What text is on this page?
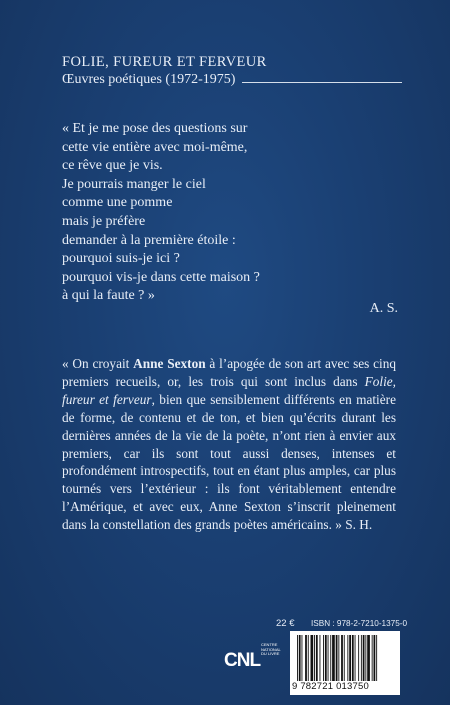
FOLIE, FUREUR ET FERVEUR
Œuvres poétiques (1972-1975)
« Et je me pose des questions sur
cette vie entière avec moi-même,
ce rêve que je vis.
Je pourrais manger le ciel
comme une pomme
mais je préfère
demander à la première étoile :
pourquoi suis-je ici ?
pourquoi vis-je dans cette maison ?
à qui la faute ? »
A. S.
« On croyait Anne Sexton à l’apogée de son art avec ses cinq premiers recueils, or, les trois qui sont inclus dans Folie, fureur et ferveur, bien que sensiblement différents en matière de forme, de contenu et de ton, et bien qu’écrits durant les dernières années de la vie de la poète, n’ont rien à envier aux premiers, car ils sont tout aussi denses, intenses et profondément introspectifs, tout en étant plus amples, car plus tournés vers l’extérieur : ils font véritablement entendre l’Amérique, et avec eux, Anne Sexton s’inscrit pleinement dans la constellation des grands poètes américains. » S. H.
22 € ISBN : 978-2-7210-1375-0
CNL
CENTRE NATIONAL DU LIVRE
9 782721 013750
